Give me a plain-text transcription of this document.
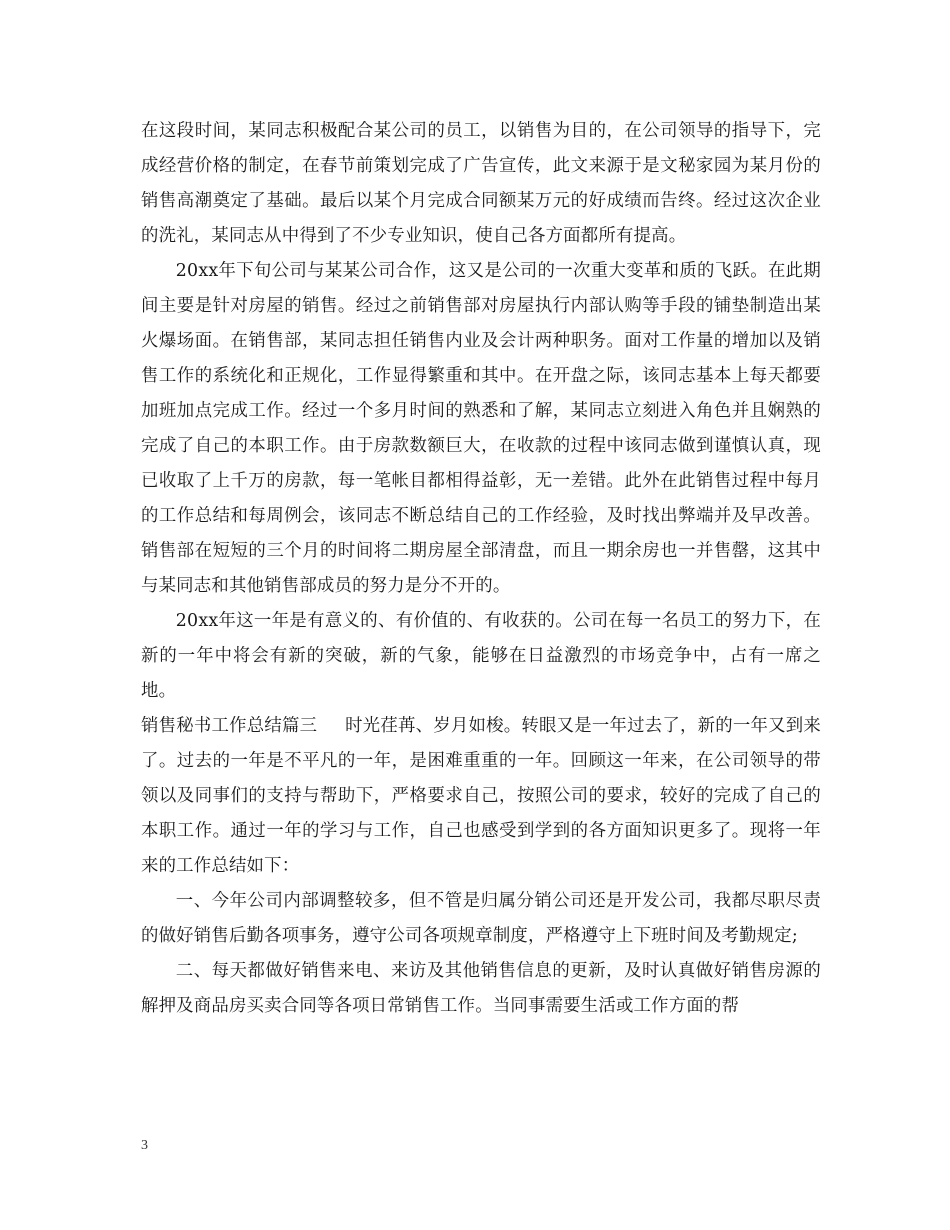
在这段时间，某同志积极配合某公司的员工，以销售为目的，在公司领导的指导下，完成经营价格的制定，在春节前策划完成了广告宣传，此文来源于是文秘家园为某月份的销售高潮奠定了基础。最后以某个月完成合同额某万元的好成绩而告终。经过这次企业的洗礼，某同志从中得到了不少专业知识，使自己各方面都所有提高。

20xx年下旬公司与某某公司合作，这又是公司的一次重大变革和质的飞跃。在此期间主要是针对房屋的销售。经过之前销售部对房屋执行内部认购等手段的铺垫制造出某火爆场面。在销售部，某同志担任销售内业及会计两种职务。面对工作量的增加以及销售工作的系统化和正规化，工作显得繁重和其中。在开盘之际，该同志基本上每天都要加班加点完成工作。经过一个多月时间的熟悉和了解，某同志立刻进入角色并且娴熟的完成了自己的本职工作。由于房款数额巨大，在收款的过程中该同志做到谨慎认真，现已收取了上千万的房款，每一笔帐目都相得益彰，无一差错。此外在此销售过程中每月的工作总结和每周例会，该同志不断总结自己的工作经验，及时找出弊端并及早改善。销售部在短短的三个月的时间将二期房屋全部清盘，而且一期余房也一并售罄，这其中与某同志和其他销售部成员的努力是分不开的。

20xx年这一年是有意义的、有价值的、有收获的。公司在每一名员工的努力下，在新的一年中将会有新的突破，新的气象，能够在日益激烈的市场竞争中，占有一席之地。

销售秘书工作总结篇三 时光荏苒、岁月如梭。转眼又是一年过去了，新的一年又到来了。过去的一年是不平凡的一年，是困难重重的一年。回顾这一年来，在公司领导的带领以及同事们的支持与帮助下，严格要求自己，按照公司的要求，较好的完成了自己的本职工作。通过一年的学习与工作，自己也感受到学到的各方面知识更多了。现将一年来的工作总结如下：

一、今年公司内部调整较多，但不管是归属分销公司还是开发公司，我都尽职尽责的做好销售后勤各项事务，遵守公司各项规章制度，严格遵守上下班时间及考勤规定;

二、每天都做好销售来电、来访及其他销售信息的更新，及时认真做好销售房源的解押及商品房买卖合同等各项日常销售工作。当同事需要生活或工作方面的帮

3
